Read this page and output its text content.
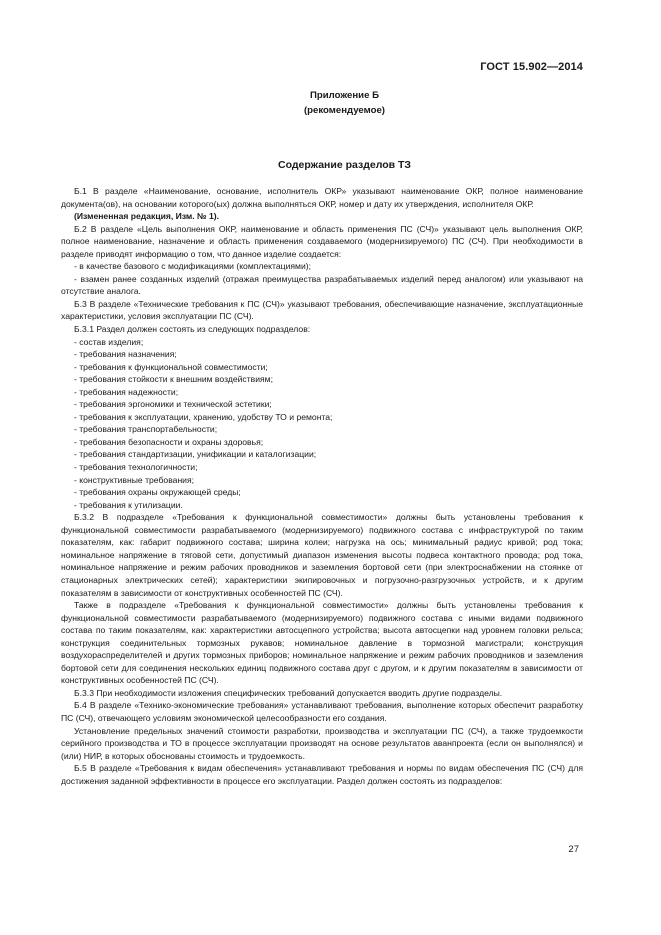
ГОСТ 15.902—2014
Приложение Б
(рекомендуемое)
Содержание разделов ТЗ

Б.1 В разделе «Наименование, основание, исполнитель ОКР» указывают наименование ОКР, полное наименование документа(ов), на основании которого(ых) должна выполняться ОКР, номер и дату их утверждения, исполнителя ОКР.

(Измененная редакция, Изм. № 1).

Б.2 В разделе «Цель выполнения ОКР, наименование и область применения ПС (СЧ)» указывают цель выполнения ОКР, полное наименование, назначение и область применения создаваемого (модернизируемого) ПС (СЧ). При необходимости в разделе приводят информацию о том, что данное изделие создается:

- в качестве базового с модификациями (комплектациями);

- взамен ранее созданных изделий (отражая преимущества разрабатываемых изделий перед аналогом) или указывают на отсутствие аналога.

Б.3 В разделе «Технические требования к ПС (СЧ)» указывают требования, обеспечивающие назначение, эксплуатационные характеристики, условия эксплуатации ПС (СЧ).

Б.3.1 Раздел должен состоять из следующих подразделов:

- состав изделия;

- требования назначения;

- требования к функциональной совместимости;

- требования стойкости к внешним воздействиям;

- требования надежности;

- требования эргономики и технической эстетики;

- требования к эксплуатации, хранению, удобству ТО и ремонта;

- требования транспортабельности;

- требования безопасности и охраны здоровья;

- требования стандартизации, унификации и каталогизации;

- требования технологичности;

- конструктивные требования;

- требования охраны окружающей среды;

- требования к утилизации.

Б.3.2 В подразделе «Требования к функциональной совместимости» должны быть установлены требования к функциональной совместимости разрабатываемого (модернизируемого) подвижного состава с инфраструктурой по таким показателям, как: габарит подвижного состава; ширина колеи; нагрузка на ось; минимальный радиус кривой; род тока; номинальное напряжение в тяговой сети, допустимый диапазон изменения высоты подвеса контактного провода; род тока, номинальное напряжение и режим рабочих проводников и заземления бортовой сети (при электроснабжении на стоянке от стационарных электрических сетей); характеристики экипировочных и погрузочно-разгрузочных устройств, и к другим показателям в зависимости от конструктивных особенностей ПС (СЧ).

Также в подразделе «Требования к функциональной совместимости» должны быть установлены требования к функциональной совместимости разрабатываемого (модернизируемого) подвижного состава с иными видами подвижного состава по таким показателям, как: характеристики автосцепного устройства; высота автосцепки над уровнем головки рельса; конструкция соединительных тормозных рукавов; номинальное давление в тормозной магистрали; конструкция воздухораспределителей и других тормозных приборов; номинальное напряжение и режим рабочих проводников и заземления бортовой сети для соединения нескольких единиц подвижного состава друг с другом, и к другим показателям в зависимости от конструктивных особенностей ПС (СЧ).

Б.3.3 При необходимости изложения специфических требований допускается вводить другие подразделы.

Б.4 В разделе «Технико-экономические требования» устанавливают требования, выполнение которых обеспечит разработку ПС (СЧ), отвечающего условиям экономической целесообразности его создания.

Установление предельных значений стоимости разработки, производства и эксплуатации ПС (СЧ), а также трудоемкости серийного производства и ТО в процессе эксплуатации производят на основе результатов аванпроекта (если он выполнялся) и (или) НИР, в которых обоснованы стоимость и трудоемкость.

Б.5 В разделе «Требования к видам обеспечения» устанавливают требования и нормы по видам обеспечения ПС (СЧ) для достижения заданной эффективности в процессе его эксплуатации. Раздел должен состоять из подразделов:

27
